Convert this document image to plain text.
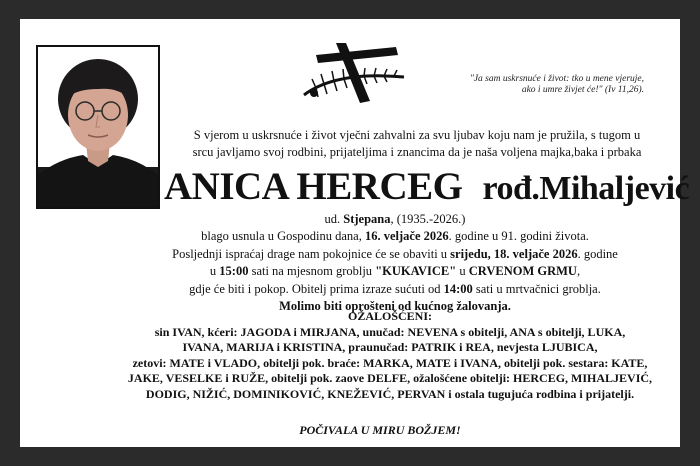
"Ja sam uskrsnuće i život: tko u mene vjeruje,
ako i umre živjet će!" (Iv 11,26).
S vjerom u uskrsnuće i život vječni zahvalni za svu ljubav koju nam je pružila, s tugom u
srcu javljamo svoj rodbini, prijateljima i znancima da je naša voljena majka,baka i prbaka
ANICA HERCEG rođ.Mihaljević
ud. Stjepana, (1935.-2026.)
blago usnula u Gospodinu dana, 16. veljače 2026. godine u 91. godini života.
Posljednji ispraćaj drage nam pokojnice će se obaviti u srijedu, 18. veljače 2026. godine
u 15:00 sati na mjesnom groblju "KUKAVICE" u CRVENOM GRMU,
gdje će biti i pokop. Obitelj prima izraze sućuti od 14:00 sati u mrtvačnici groblja.
Molimo biti oprošteni od kućnog žalovanja.
OŽALOŠĆENI:
sin IVAN, kćeri: JAGODA i MIRJANA, unučad: NEVENA s obitelji, ANA s obitelji, LUKA,
IVANA, MARIJA i KRISTINA, praunučad: PATRIK i REA, nevjesta LJUBICA,
zetovi: MATE i VLADO, obitelji pok. braće: MARKA, MATE i IVANA, obitelji pok. sestara: KATE,
JAKE, VESELKE i RUŽE, obitelji pok. zaove DELFE, ožalošćene obitelji: HERCEG, MIHALJEVIĆ,
DODIG, NIŽIĆ, DOMINIKOVIĆ, KNEŽEVIĆ, PERVAN i ostala tugujuća rodbina i prijatelji.
POČIVALA U MIRU BOŽJEM!
